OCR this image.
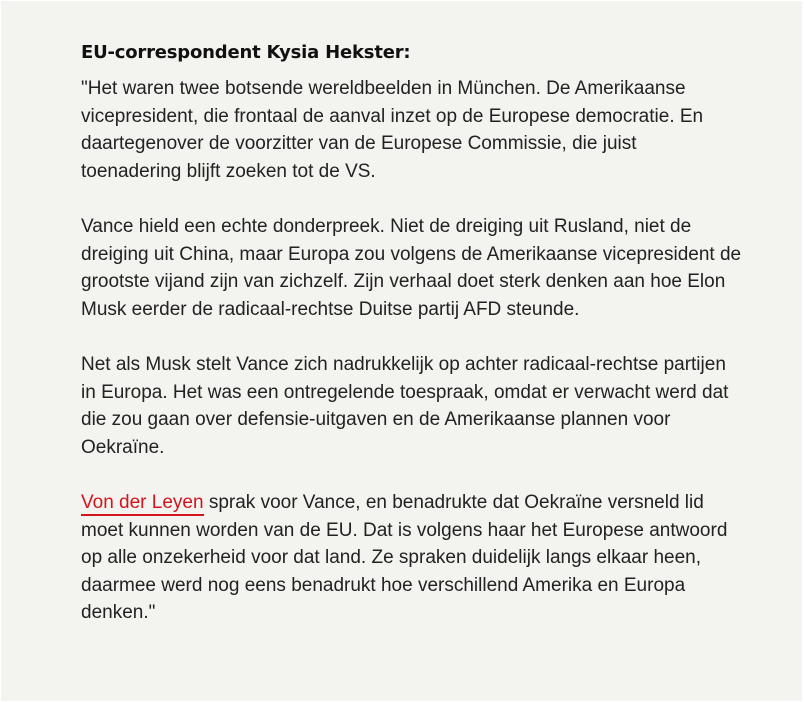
EU-correspondent Kysia Hekster:

"Het waren twee botsende wereldbeelden in München. De Amerikaanse vicepresident, die frontaal de aanval inzet op de Europese democratie. En daartegenover de voorzitter van de Europese Commissie, die juist toenadering blijft zoeken tot de VS.

Vance hield een echte donderpreek. Niet de dreiging uit Rusland, niet de dreiging uit China, maar Europa zou volgens de Amerikaanse vicepresident de grootste vijand zijn van zichzelf. Zijn verhaal doet sterk denken aan hoe Elon Musk eerder de radicaal-rechtse Duitse partij AFD steunde.

Net als Musk stelt Vance zich nadrukkelijk op achter radicaal-rechtse partijen in Europa. Het was een ontregelende toespraak, omdat er verwacht werd dat die zou gaan over defensie-uitgaven en de Amerikaanse plannen voor Oekraïne.

Von der Leyen sprak voor Vance, en benadrukte dat Oekraïne versneld lid moet kunnen worden van de EU. Dat is volgens haar het Europese antwoord op alle onzekerheid voor dat land. Ze spraken duidelijk langs elkaar heen, daarmee werd nog eens benadrukt hoe verschillend Amerika en Europa denken."
